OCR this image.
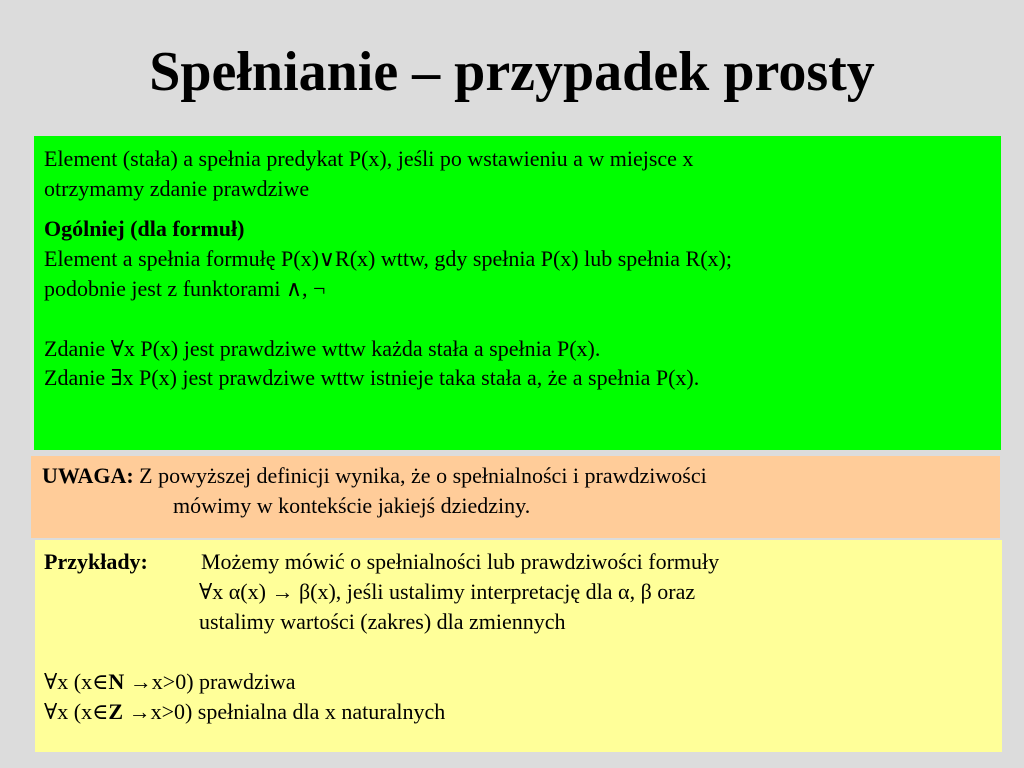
Spełnianie – przypadek prosty
Element (stała) a spełnia predykat P(x), jeśli po wstawieniu a w miejsce x
otrzymamy zdanie prawdziwe
Ogólniej (dla formuł)
Element a spełnia formułę P(x)∨R(x) wttw, gdy spełnia P(x) lub spełnia R(x);
podobnie jest z funktorami ∧, ¬
Zdanie ∀x P(x) jest prawdziwe wttw każda stała a spełnia P(x).
Zdanie ∃x P(x) jest prawdziwe wttw istnieje taka stała a, że a spełnia P(x).
UWAGA: Z powyższej definicji wynika, że o spełnialności i prawdziwości
mówimy w kontekście jakiejś dziedziny.
Przykłady: Możemy mówić o spełnialności lub prawdziwości formuły
∀x α(x) → β(x), jeśli ustalimy interpretację dla α, β oraz
ustalimy wartości (zakres) dla zmiennych
∀x (x∈N →x>0) prawdziwa
∀x (x∈Z →x>0) spełnialna dla x naturalnych
